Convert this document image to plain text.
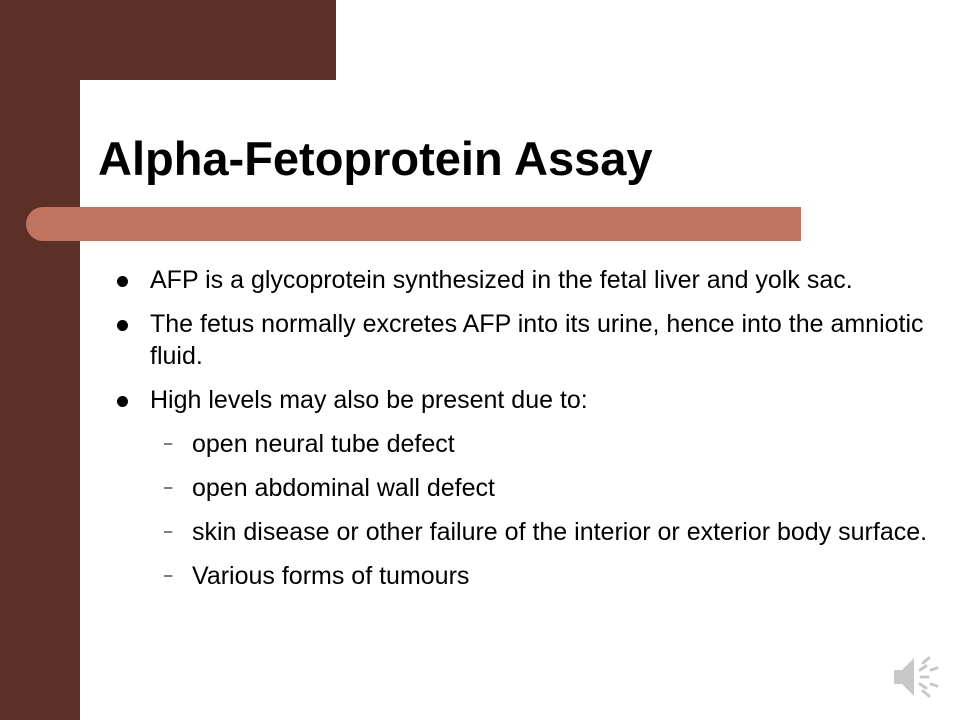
Alpha-Fetoprotein Assay
AFP is a glycoprotein synthesized in the fetal liver and yolk sac.
The fetus normally excretes AFP into its urine, hence into the amniotic fluid.
High levels may also be present due to:
– open neural tube defect
– open abdominal wall defect
– skin disease or other failure of the interior or exterior body surface.
– Various forms of tumours
